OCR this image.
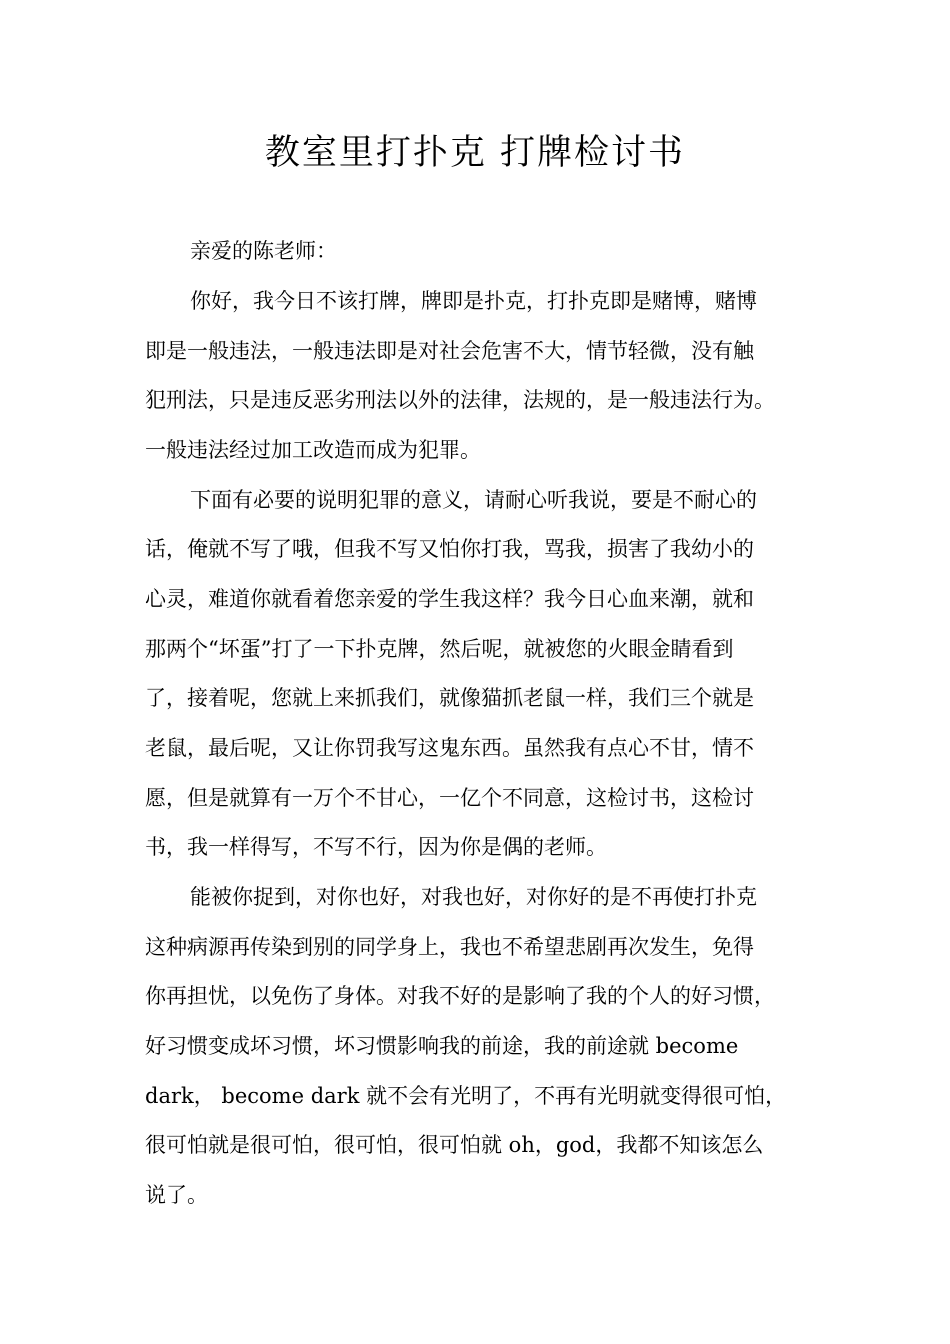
教室里打扑克 打牌检讨书

亲爱的陈老师：

你好，我今日不该打牌，牌即是扑克，打扑克即是赌博，赌博

即是一般违法，一般违法即是对社会危害不大，情节轻微，没有触

犯刑法，只是违反恶劣刑法以外的法律，法规的，是一般违法行为。

一般违法经过加工改造而成为犯罪。

下面有必要的说明犯罪的意义，请耐心听我说，要是不耐心的

话，俺就不写了哦，但我不写又怕你打我，骂我，损害了我幼小的

心灵，难道你就看着您亲爱的学生我这样？我今日心血来潮，就和

那两个“坏蛋”打了一下扑克牌，然后呢，就被您的火眼金睛看到

了，接着呢，您就上来抓我们，就像猫抓老鼠一样，我们三个就是

老鼠，最后呢，又让你罚我写这鬼东西。虽然我有点心不甘，情不

愿，但是就算有一万个不甘心，一亿个不同意，这检讨书，这检讨

书，我一样得写，不写不行，因为你是偶的老师。

能被你捉到，对你也好，对我也好，对你好的是不再使打扑克

这种病源再传染到别的同学身上，我也不希望悲剧再次发生，免得

你再担忧，以免伤了身体。对我不好的是影响了我的个人的好习惯，

好习惯变成坏习惯，坏习惯影响我的前途，我的前途就 become

dark， become dark 就不会有光明了，不再有光明就变得很可怕，

很可怕就是很可怕，很可怕，很可怕就 oh，god，我都不知该怎么

说了。
